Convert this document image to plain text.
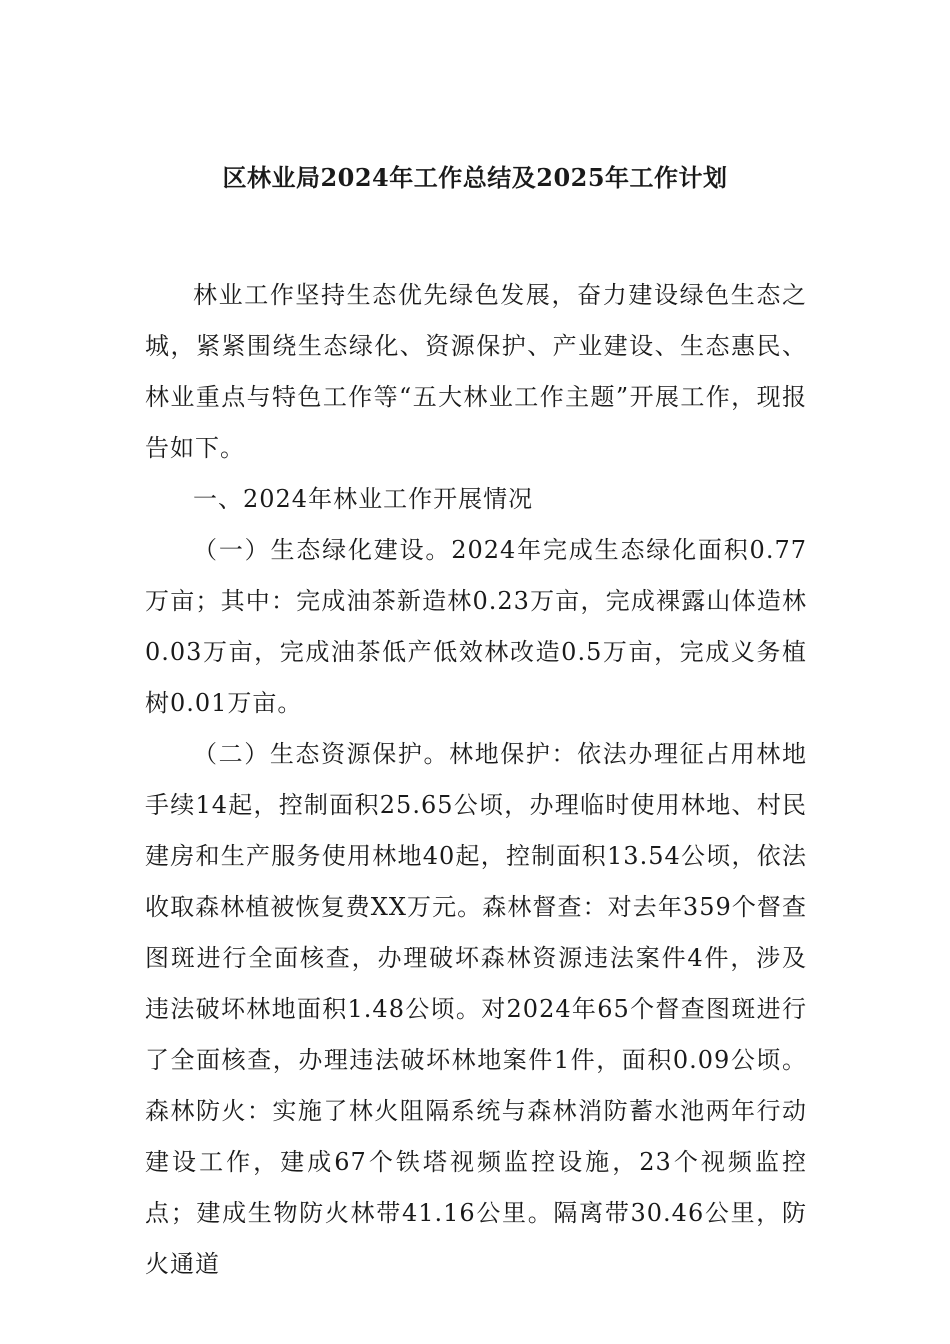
区林业局2024年工作总结及2025年工作计划

林业工作坚持生态优先绿色发展，奋力建设绿色生态之城，紧紧围绕生态绿化、资源保护、产业建设、生态惠民、林业重点与特色工作等“五大林业工作主题”开展工作，现报告如下。

一、2024年林业工作开展情况

（一）生态绿化建设。2024年完成生态绿化面积0.77万亩；其中：完成油茶新造林0.23万亩，完成裸露山体造林0.03万亩，完成油茶低产低效林改造0.5万亩，完成义务植树0.01万亩。

（二）生态资源保护。林地保护：依法办理征占用林地手续14起，控制面积25.65公顷，办理临时使用林地、村民建房和生产服务使用林地40起，控制面积13.54公顷，依法收取森林植被恢复费XX万元。森林督查：对去年359个督查图斑进行全面核查，办理破坏森林资源违法案件4件，涉及违法破坏林地面积1.48公顷。对2024年65个督查图斑进行了全面核查，办理违法破坏林地案件1件，面积0.09公顷。森林防火：实施了林火阻隔系统与森林消防蓄水池两年行动建设工作，建成67个铁塔视频监控设施，23个视频监控点；建成生物防火林带41.16公里。隔离带30.46公里，防火通道
